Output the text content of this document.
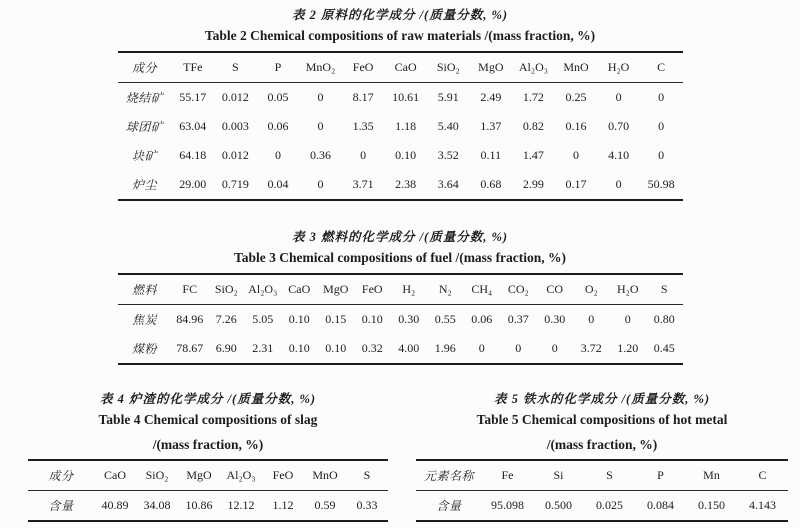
表 2 原料的化学成分 /(质量分数, %)
Table 2 Chemical compositions of raw materials /(mass fraction, %)
成分	TFe	S	P	MnO₂	FeO	CaO	SiO₂	MgO	Al₂O₃	MnO	H₂O	C
烧结矿	55.17	0.012	0.05	0	8.17	10.61	5.91	2.49	1.72	0.25	0	0
球团矿	63.04	0.003	0.06	0	1.35	1.18	5.40	1.37	0.82	0.16	0.70	0
块矿	64.18	0.012	0	0.36	0	0.10	3.52	0.11	1.47	0	4.10	0
炉尘	29.00	0.719	0.04	0	3.71	2.38	3.64	0.68	2.99	0.17	0	50.98
表 3 燃料的化学成分 /(质量分数, %)
Table 3 Chemical compositions of fuel /(mass fraction, %)
燃料	FC	SiO₂	Al₂O₃	CaO	MgO	FeO	H₂	N₂	CH₄	CO₂	CO	O₂	H₂O	S
焦炭	84.96	7.26	5.05	0.10	0.15	0.10	0.30	0.55	0.06	0.37	0.30	0	0	0.80
煤粉	78.67	6.90	2.31	0.10	0.10	0.32	4.00	1.96	0	0	0	3.72	1.20	0.45
表 4 炉渣的化学成分 /(质量分数, %)
Table 4 Chemical compositions of slag
/(mass fraction, %)
成分	CaO	SiO₂	MgO	Al₂O₃	FeO	MnO	S
含量	40.89	34.08	10.86	12.12	1.12	0.59	0.33
表 5 铁水的化学成分 /(质量分数, %)
Table 5 Chemical compositions of hot metal
/(mass fraction, %)
元素名称	Fe	Si	S	P	Mn	C
含量	95.098	0.500	0.025	0.084	0.150	4.143
